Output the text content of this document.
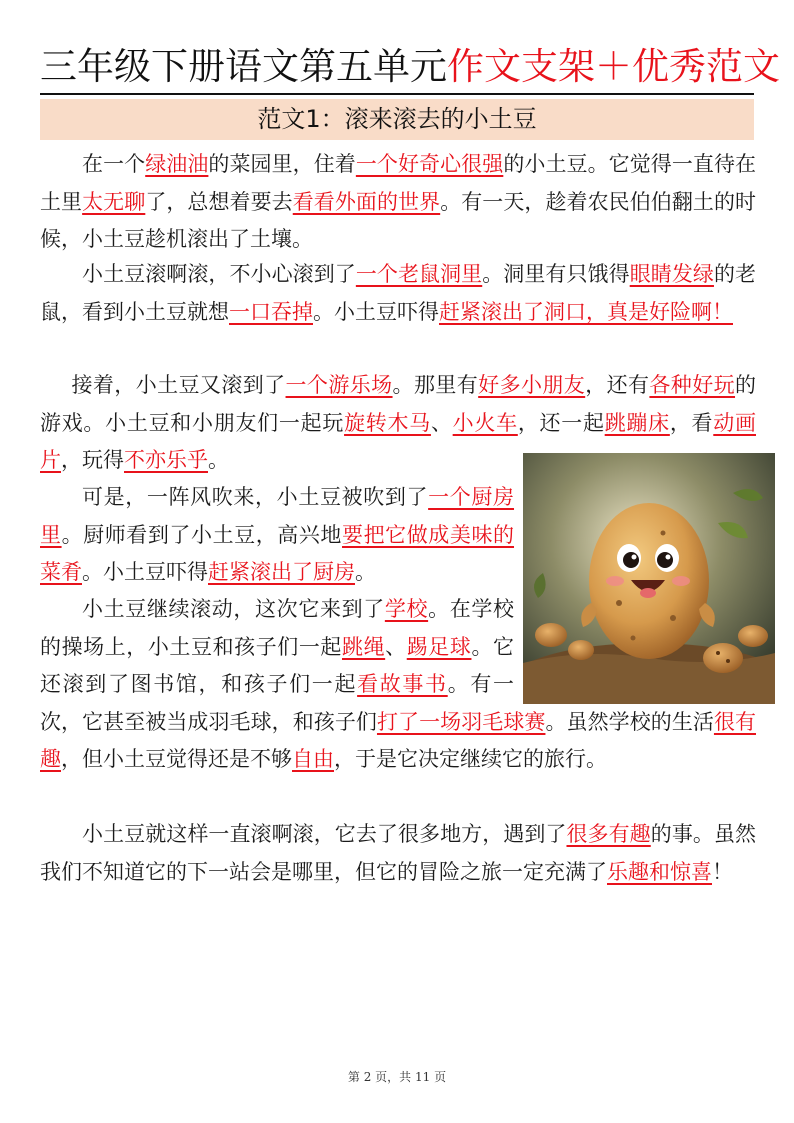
三年级下册语文第五单元作文支架＋优秀范文
范文1：滚来滚去的小土豆

在一个绿油油的菜园里，住着一个好奇心很强的小土豆。它觉得一直待在土里太无聊了，总想着要去看看外面的世界。有一天，趁着农民伯伯翻土的时候，小土豆趁机滚出了土壤。

小土豆滚啊滚，不小心滚到了一个老鼠洞里。洞里有只饿得眼睛发绿的老鼠，看到小土豆就想一口吞掉。小土豆吓得赶紧滚出了洞口，真是好险啊！

接着，小土豆又滚到了一个游乐场。那里有好多小朋友，还有各种好玩的游戏。小土豆和小朋友们一起玩旋转木马、小火车，还一起跳蹦床，看动画片，玩得不亦乐乎。

可是，一阵风吹来，小土豆被吹到了一个厨房里。厨师看到了小土豆，高兴地要把它做成美味的菜肴。小土豆吓得赶紧滚出了厨房。

小土豆继续滚动，这次它来到了学校。在学校的操场上，小土豆和孩子们一起跳绳、踢足球。它还滚到了图书馆，和孩子们一起看故事书。有一次，它甚至被当成羽毛球，和孩子们打了一场羽毛球赛。虽然学校的生活很有趣，但小土豆觉得还是不够自由，于是它决定继续它的旅行。

小土豆就这样一直滚啊滚，它去了很多地方，遇到了很多有趣的事。虽然我们不知道它的下一站会是哪里，但它的冒险之旅一定充满了乐趣和惊喜！

第 2 页，共 11 页
